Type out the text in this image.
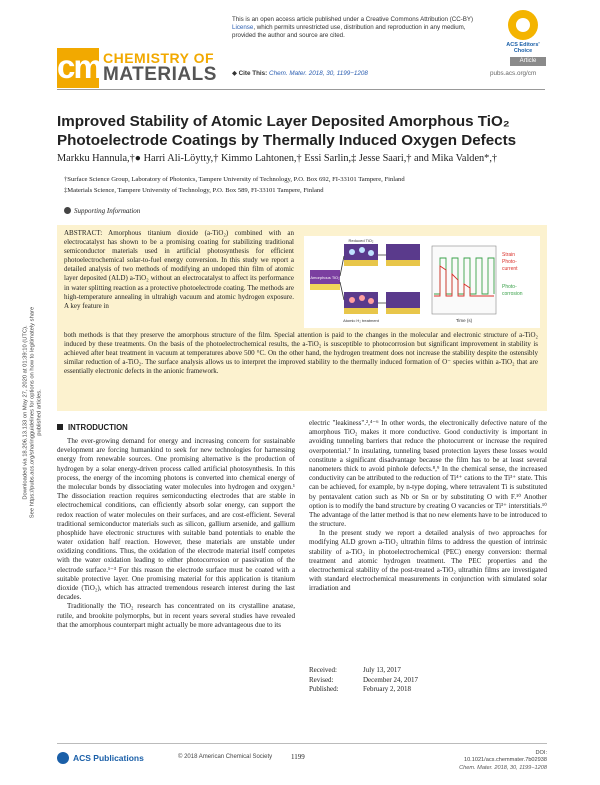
This is an open access article published under a Creative Commons Attribution (CC-BY)
License, which permits unrestricted use, distribution and reproduction in any medium,
provided the author and source are cited.
ACS Editors' Choice
Article
cm CHEMISTRY OF
MATERIALS ◆ Cite This: Chem. Mater. 2018, 30, 1199−1208	pubs.acs.org/cm
Improved Stability of Atomic Layer Deposited Amorphous TiO₂
Photoelectrode Coatings by Thermally Induced Oxygen Defects
Markku Hannula,†● Harri Ali-Löytty,† Kimmo Lahtonen,† Essi Sarlin,‡ Jesse Saari,† and Mika Valden*,†
†Surface Science Group, Laboratory of Photonics, Tampere University of Technology, P.O. Box 692, FI-33101 Tampere, Finland
‡Materials Science, Tampere University of Technology, P.O. Box 589, FI-33101 Tampere, Finland
Supporting Information
Downloaded via 18.206.13.133 on May 27, 2020 at 01:39:10 (UTC). See https://pubs.acs.org/sharingguidelines for options on how to legitimately share published articles.
ABSTRACT: Amorphous titanium dioxide (a-TiO₂) combined with an electrocatalyst has shown to be a promising coating for stabilizing traditional semiconductor materials used in artificial photosynthesis for efficient photoelectrochemical solar-to-fuel energy conversion. In this study we report a detailed analysis of two methods of modifying an undoped thin film of atomic layer deposited (ALD) a-TiO₂ without an electrocatalyst to affect its performance in water splitting reaction as a protective photoelectrode coating. The methods are high-temperature annealing in ultrahigh vacuum and atomic hydrogen exposure. A key feature in
both methods is that they preserve the amorphous structure of the film. Special attention is paid to the changes in the molecular and electronic structure of a-TiO₂ induced by these treatments. On the basis of the photoelectrochemical results, the a-TiO₂ is susceptible to photocorrosion but significant improvement in stability is achieved after heat treatment in vacuum at temperatures above 500 °C. On the other hand, the hydrogen treatment does not increase the stability despite the ostensibly similar reduction of a-TiO₂. The surface analysis allows us to interpret the improved stability to the thermally induced formation of O⁻ species within a-TiO₂ that are essentially electronic defects in the anionic framework.
Amorphous TiO₂
Reduced TiO₂
Atomic H₂ treatment	Time (s)
Strain
Photo-
current
Photo-
corrosion
INTRODUCTION

The ever-growing demand for energy and increasing concern for sustainable development are forcing humankind to seek for new technologies for harnessing energy from renewable sources. One promising alternative is the production of hydrogen by a solar energy-driven process called artificial photosynthesis. In this process, the energy of the incoming photons is converted into chemical energy of the molecular bonds by dissociating water molecules into hydrogen and oxygen.¹ The dissociation reaction requires semiconducting electrodes that are stable in electrochemical conditions, can efficiently absorb solar energy, can support the redox reaction of water molecules on their surfaces, and are cost-efficient. Several traditional semiconductor materials such as silicon, gallium arsenide, and gallium phosphide have electronic structures with suitable band potentials to enable the water oxidation half reaction. However, these materials are unstable under oxidizing conditions. Thus, the oxidation of the electrode material itself competes with the water oxidation leading to either photocorrosion or passivation of the electrode surface.¹⁻³ For this reason the electrode surface must be coated with a suitable protective layer. One promising material for this application is titanium dioxide (TiO₂), which has attracted tremendous research interest during the last decades.

Traditionally the TiO₂ research has concentrated on its crystalline anatase, rutile, and brookite polymorphs, but in recent years several studies have revealed that the amorphous counterpart might actually be more advantageous due to its

electric "leakiness".²,⁴⁻⁶ In other words, the electronically defective nature of the amorphous TiO₂ makes it more conductive. Good conductivity is important in avoiding tunneling barriers that reduce the photocurrent or increase the required overpotential.⁷ In insulating, tunneling based protection layers these losses would constitute a significant disadvantage because the film has to be at least several nanometers thick to avoid pinhole defects.⁸,⁹ In the chemical sense, the increased conductivity can be attributed to the reduction of Ti⁴⁺ cations to the Ti³⁺ state. This can be achieved, for example, by n-type doping, where tetravalent Ti is substituted by pentavalent cation such as Nb or Sn or by substituting O with F.¹⁰ Another option is to modify the band structure by creating O vacancies or Ti³⁺ interstitials.¹⁰ The advantage of the latter method is that no new elements have to be introduced to the structure.

In the present study we report a detailed analysis of two approaches for modifying ALD grown a-TiO₂ ultrathin films to address the question of intrinsic stability of a-TiO₂ in photoelectrochemical (PEC) energy conversion: thermal treatment and atomic hydrogen treatment. The PEC properties and the electrochemical stability of the post-treated a-TiO₂ ultrathin films are investigated with standard electrochemical measurements in conjunction with simulated solar irradiation and

Received:	July 13, 2017
Revised:	December 24, 2017
Published:	February 2, 2018
ACS Publications	© 2018 American Chemical Society	1199	DOI: 10.1021/acs.chemmater.7b02938
Chem. Mater. 2018, 30, 1199−1208
